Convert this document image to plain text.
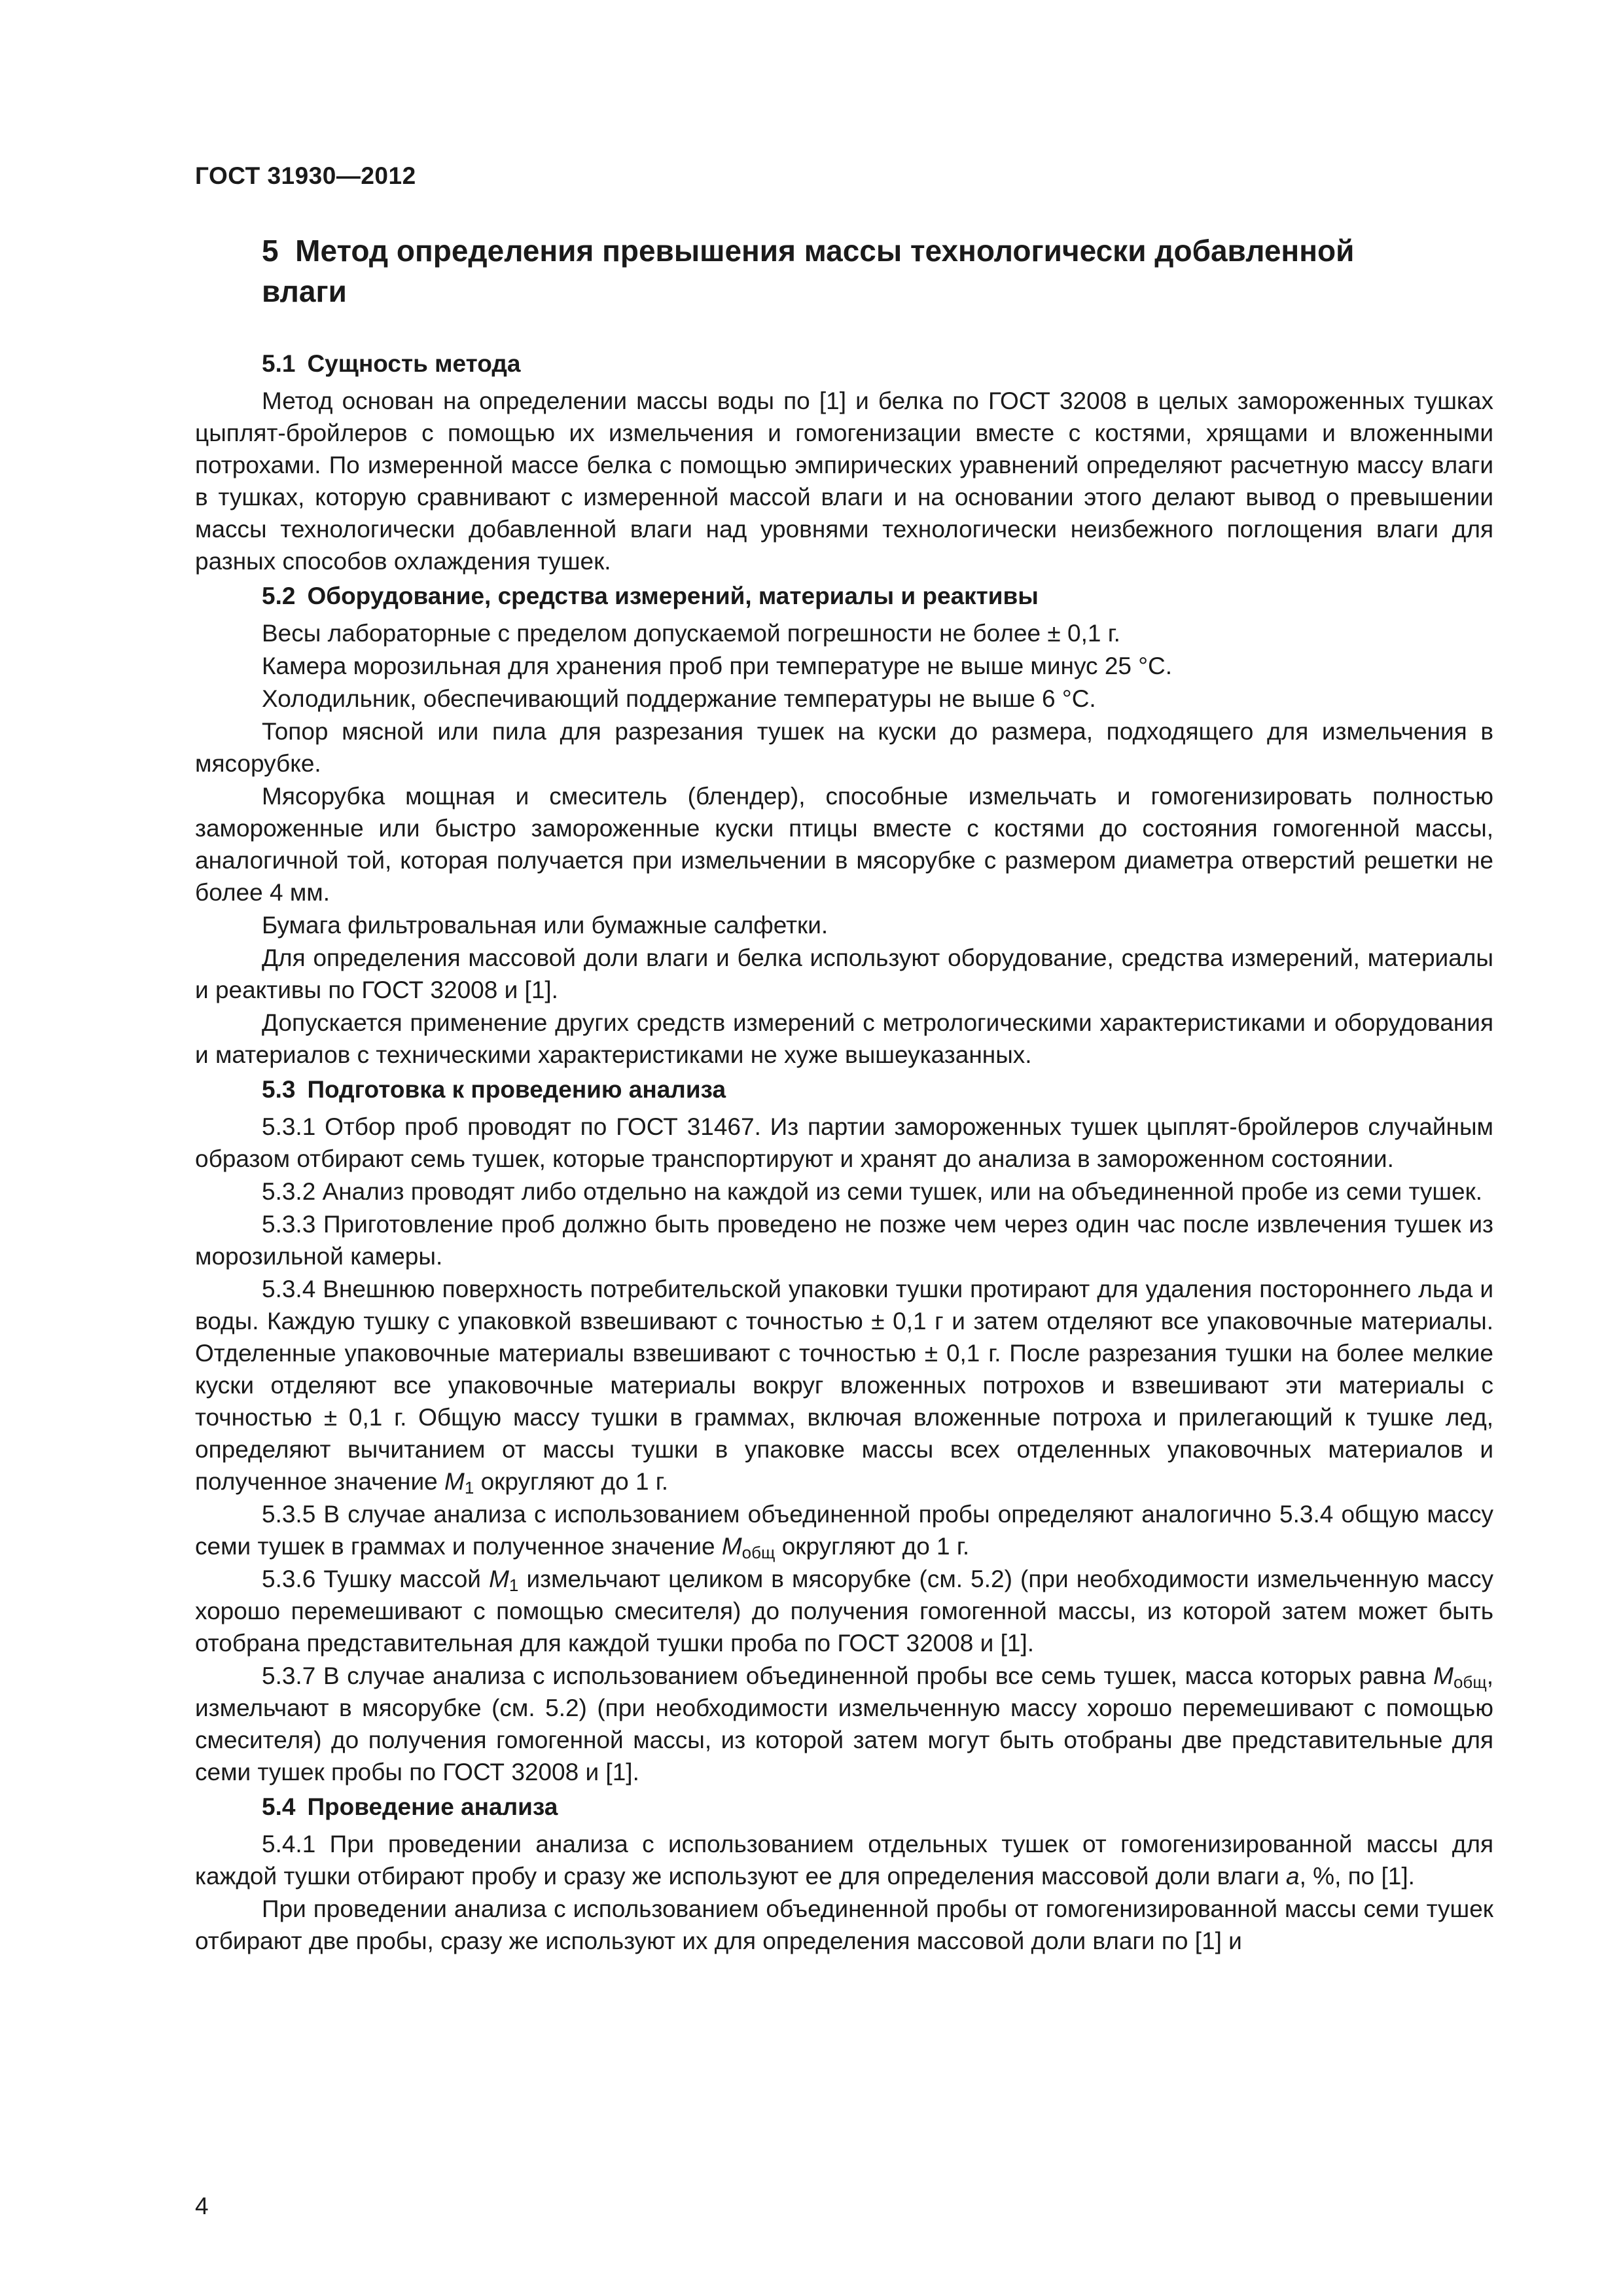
ГОСТ 31930—2012
5 Метод определения превышения массы технологически добавленной влаги
5.1 Сущность метода

Метод основан на определении массы воды по [1] и белка по ГОСТ 32008 в целых замороженных тушках цыплят-бройлеров с помощью их измельчения и гомогенизации вместе с костями, хрящами и вложенными потрохами. По измеренной массе белка с помощью эмпирических уравнений определяют расчетную массу влаги в тушках, которую сравнивают с измеренной массой влаги и на основании этого делают вывод о превышении массы технологически добавленной влаги над уровнями технологически неизбежного поглощения влаги для разных способов охлаждения тушек.

5.2 Оборудование, средства измерений, материалы и реактивы

Весы лабораторные с пределом допускаемой погрешности не более ± 0,1 г.

Камера морозильная для хранения проб при температуре не выше минус 25 °С.

Холодильник, обеспечивающий поддержание температуры не выше 6 °С.

Топор мясной или пила для разрезания тушек на куски до размера, подходящего для измельчения в мясорубке.

Мясорубка мощная и смеситель (блендер), способные измельчать и гомогенизировать полностью замороженные или быстро замороженные куски птицы вместе с костями до состояния гомогенной массы, аналогичной той, которая получается при измельчении в мясорубке с размером диаметра отверстий решетки не более 4 мм.

Бумага фильтровальная или бумажные салфетки.

Для определения массовой доли влаги и белка используют оборудование, средства измерений, материалы и реактивы по ГОСТ 32008 и [1].

Допускается применение других средств измерений с метрологическими характеристиками и оборудования и материалов с техническими характеристиками не хуже вышеуказанных.

5.3 Подготовка к проведению анализа

5.3.1 Отбор проб проводят по ГОСТ 31467. Из партии замороженных тушек цыплят-бройлеров случайным образом отбирают семь тушек, которые транспортируют и хранят до анализа в замороженном состоянии.

5.3.2 Анализ проводят либо отдельно на каждой из семи тушек, или на объединенной пробе из семи тушек.

5.3.3 Приготовление проб должно быть проведено не позже чем через один час после извлечения тушек из морозильной камеры.

5.3.4 Внешнюю поверхность потребительской упаковки тушки протирают для удаления постороннего льда и воды. Каждую тушку с упаковкой взвешивают с точностью ± 0,1 г и затем отделяют все упаковочные материалы. Отделенные упаковочные материалы взвешивают с точностью ± 0,1 г. После разрезания тушки на более мелкие куски отделяют все упаковочные материалы вокруг вложенных потрохов и взвешивают эти материалы с точностью ± 0,1 г. Общую массу тушки в граммах, включая вложенные потроха и прилегающий к тушке лед, определяют вычитанием от массы тушки в упаковке массы всех отделенных упаковочных материалов и полученное значение $M_1$ округляют до 1 г.

5.3.5 В случае анализа с использованием объединенной пробы определяют аналогично 5.3.4 общую массу семи тушек в граммах и полученное значение $M_{общ}$ округляют до 1 г.

5.3.6 Тушку массой $M_1$ измельчают целиком в мясорубке (см. 5.2) (при необходимости измельченную массу хорошо перемешивают с помощью смесителя) до получения гомогенной массы, из которой затем может быть отобрана представительная для каждой тушки проба по ГОСТ 32008 и [1].

5.3.7 В случае анализа с использованием объединенной пробы все семь тушек, масса которых равна $M_{общ}$, измельчают в мясорубке (см. 5.2) (при необходимости измельченную массу хорошо перемешивают с помощью смесителя) до получения гомогенной массы, из которой затем могут быть отобраны две представительные для семи тушек пробы по ГОСТ 32008 и [1].

5.4 Проведение анализа

5.4.1 При проведении анализа с использованием отдельных тушек от гомогенизированной массы для каждой тушки отбирают пробу и сразу же используют ее для определения массовой доли влаги a, %, по [1].

При проведении анализа с использованием объединенной пробы от гомогенизированной массы семи тушек отбирают две пробы, сразу же используют их для определения массовой доли влаги по [1] и

4
